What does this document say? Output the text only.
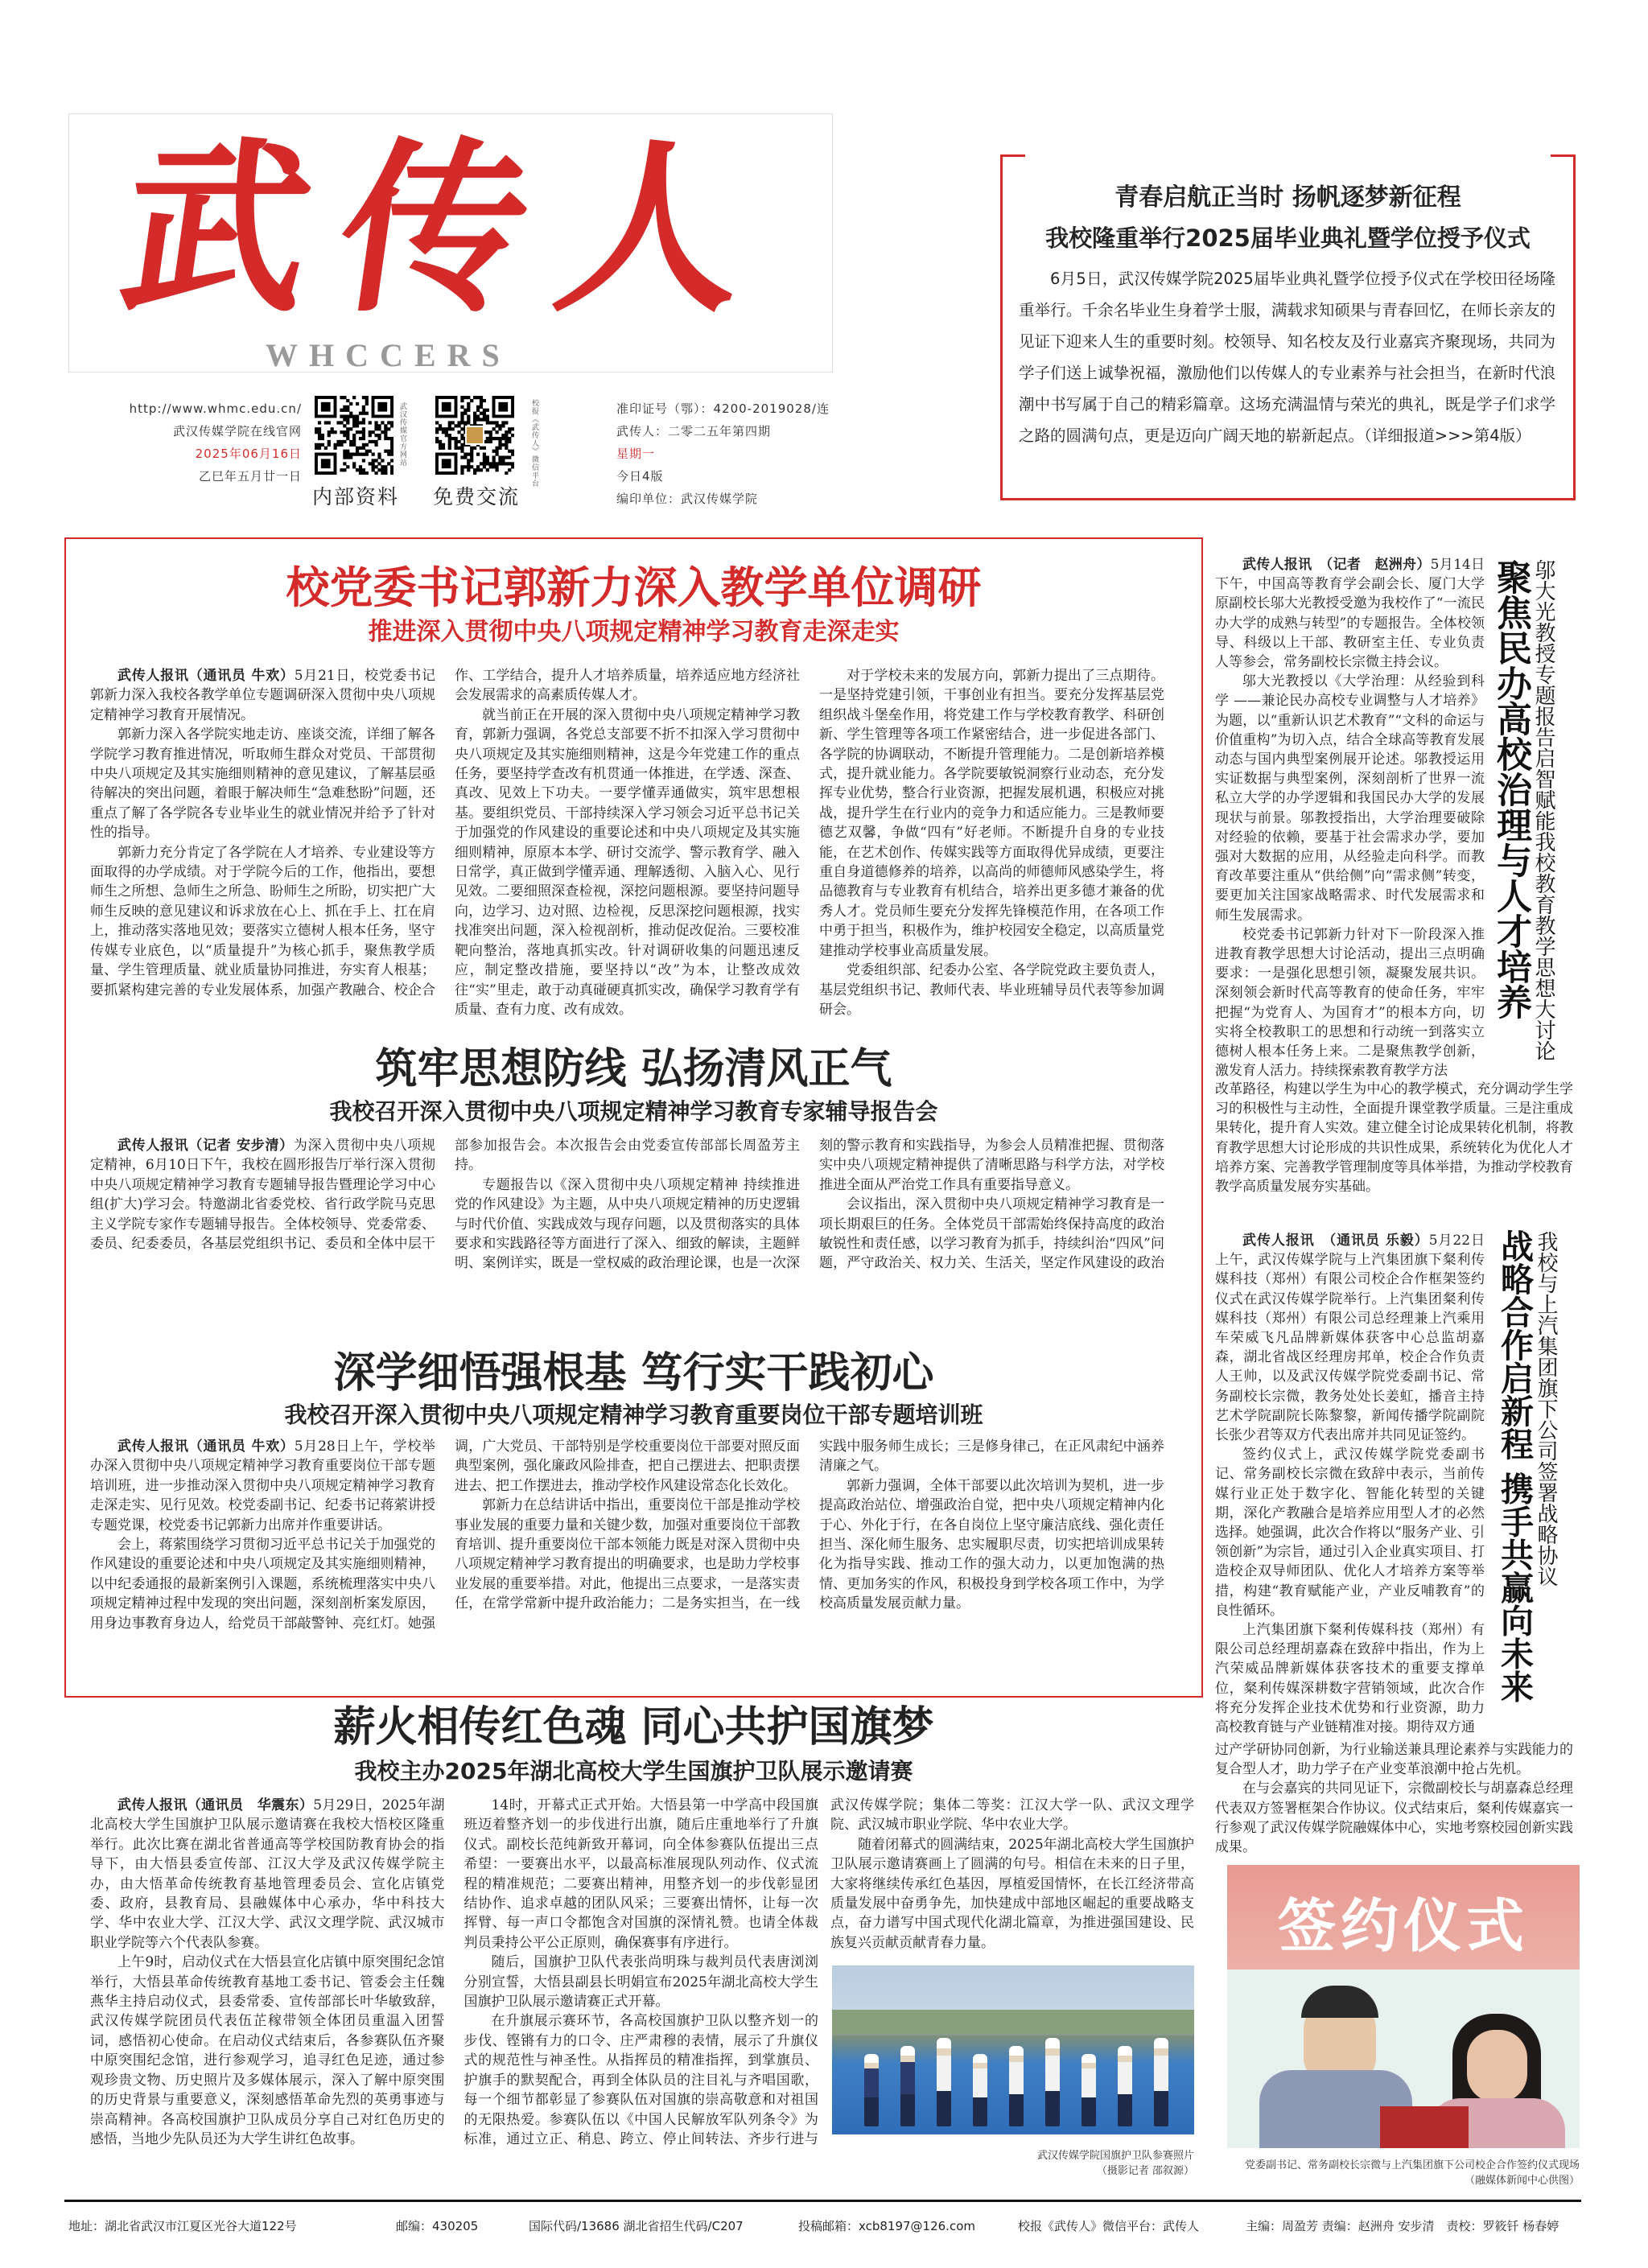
武传人
WHCCERS
http://www.whmc.edu.cn/
武汉传媒学院在线官网
2025年06月16日
乙巳年五月廿一日
武汉传媒官方网站
内部资料
校报《武传人》微信平台
免费交流
准印证号（鄂）：4200-2019028/连
武传人：二零二五年第四期
星期一
今日4版
编印单位：武汉传媒学院
青春启航正当时 扬帆逐梦新征程
我校隆重举行2025届毕业典礼暨学位授予仪式
6月5日，武汉传媒学院2025届毕业典礼暨学位授予仪式在学校田径场隆重举行。千余名毕业生身着学士服，满载求知硕果与青春回忆，在师长亲友的见证下迎来人生的重要时刻。校领导、知名校友及行业嘉宾齐聚现场，共同为学子们送上诚挚祝福，激励他们以传媒人的专业素养与社会担当，在新时代浪潮中书写属于自己的精彩篇章。这场充满温情与荣光的典礼，既是学子们求学之路的圆满句点，更是迈向广阔天地的崭新起点。（详细报道>>>第4版）
校党委书记郭新力深入教学单位调研
推进深入贯彻中央八项规定精神学习教育走深走实

武传人报讯（通讯员 牛欢）5月21日，校党委书记郭新力深入我校各教学单位专题调研深入贯彻中央八项规定精神学习教育开展情况。

郭新力深入各学院实地走访、座谈交流，详细了解各学院学习教育推进情况，听取师生群众对党员、干部贯彻中央八项规定及其实施细则精神的意见建议，了解基层亟待解决的突出问题，着眼于解决师生“急难愁盼”问题，还重点了解了各学院各专业毕业生的就业情况并给予了针对性的指导。

郭新力充分肯定了各学院在人才培养、专业建设等方面取得的办学成绩。对于学院今后的工作，他指出，要想师生之所想、急师生之所急、盼师生之所盼，切实把广大师生反映的意见建议和诉求放在心上、抓在手上、扛在肩上，推动落实落地见效；要落实立德树人根本任务，坚守传媒专业底色，以“质量提升”为核心抓手，聚焦教学质量、学生管理质量、就业质量协同推进，夯实育人根基；要抓紧构建完善的专业发展体系，加强产教融合、校企合作、工学结合，提升人才培养质量，培养适应地方经济社会发展需求的高素质传媒人才。

就当前正在开展的深入贯彻中央八项规定精神学习教育，郭新力强调，各党总支部要不折不扣深入学习贯彻中央八项规定及其实施细则精神，这是今年党建工作的重点任务，要坚持学查改有机贯通一体推进，在学透、深查、真改、见效上下功夫。一要学懂弄通做实，筑牢思想根基。要组织党员、干部持续深入学习领会习近平总书记关于加强党的作风建设的重要论述和中央八项规定及其实施细则精神，原原本本学、研讨交流学、警示教育学、融入日常学，真正做到学懂弄通、理解透彻、入脑入心、见行见效。二要细照深查检视，深挖问题根源。要坚持问题导向，边学习、边对照、边检视，反思深挖问题根源，找实找准突出问题，深入检视剖析，推动促改促治。三要校准靶向整治，落地真抓实改。针对调研收集的问题迅速反应，制定整改措施，要坚持以“改”为本，让整改成效往“实”里走，敢于动真碰硬真抓实改，确保学习教育学有质量、查有力度、改有成效。

对于学校未来的发展方向，郭新力提出了三点期待。一是坚持党建引领，干事创业有担当。要充分发挥基层党组织战斗堡垒作用，将党建工作与学校教育教学、科研创新、学生管理等各项工作紧密结合，进一步促进各部门、各学院的协调联动，不断提升管理能力。二是创新培养模式，提升就业能力。各学院要敏锐洞察行业动态，充分发挥专业优势，整合行业资源，把握发展机遇，积极应对挑战，提升学生在行业内的竞争力和适应能力。三是教师要德艺双馨，争做“四有”好老师。不断提升自身的专业技能，在艺术创作、传媒实践等方面取得优异成绩，更要注重自身道德修养的培养，以高尚的师德师风感染学生，将品德教育与专业教育有机结合，培养出更多德才兼备的优秀人才。党员师生要充分发挥先锋模范作用，在各项工作中勇于担当，积极作为，维护校园安全稳定，以高质量党建推动学校事业高质量发展。

党委组织部、纪委办公室、各学院党政主要负责人，基层党组织书记、教师代表、毕业班辅导员代表等参加调研会。

筑牢思想防线 弘扬清风正气
我校召开深入贯彻中央八项规定精神学习教育专家辅导报告会

武传人报讯（记者 安步清）为深入贯彻中央八项规定精神，6月10日下午，我校在圆形报告厅举行深入贯彻中央八项规定精神学习教育专题辅导报告暨理论学习中心组(扩大)学习会。特邀湖北省委党校、省行政学院马克思主义学院专家作专题辅导报告。全体校领导、党委常委、委员、纪委委员，各基层党组织书记、委员和全体中层干部参加报告会。本次报告会由党委宣传部部长周盈芳主持。

专题报告以《深入贯彻中央八项规定精神 持续推进党的作风建设》为主题，从中央八项规定精神的历史逻辑与时代价值、实践成效与现存问题，以及贯彻落实的具体要求和实践路径等方面进行了深入、细致的解读，主题鲜明、案例详实，既是一堂权威的政治理论课，也是一次深刻的警示教育和实践指导，为参会人员精准把握、贯彻落实中央八项规定精神提供了清晰思路与科学方法，对学校推进全面从严治党工作具有重要指导意义。

会议指出，深入贯彻中央八项规定精神学习教育是一项长期艰巨的任务。全体党员干部需始终保持高度的政治敏锐性和责任感，以学习教育为抓手，持续纠治“四风”问题，严守政治关、权力关、生活关，坚定作风建设的政治

深学细悟强根基 笃行实干践初心
我校召开深入贯彻中央八项规定精神学习教育重要岗位干部专题培训班

武传人报讯（通讯员 牛欢）5月28日上午，学校举办深入贯彻中央八项规定精神学习教育重要岗位干部专题培训班，进一步推动深入贯彻中央八项规定精神学习教育走深走实、见行见效。校党委副书记、纪委书记蒋萦讲授专题党课，校党委书记郭新力出席并作重要讲话。

会上，蒋萦围绕学习贯彻习近平总书记关于加强党的作风建设的重要论述和中央八项规定及其实施细则精神，以中纪委通报的最新案例引入课题，系统梳理落实中央八项规定精神过程中发现的突出问题，深刻剖析案发原因，用身边事教育身边人，给党员干部敲警钟、亮红灯。她强调，广大党员、干部特别是学校重要岗位干部要对照反面典型案例，强化廉政风险排查，把自己摆进去、把职责摆进去、把工作摆进去，推动学校作风建设常态化长效化。

郭新力在总结讲话中指出，重要岗位干部是推动学校事业发展的重要力量和关键少数，加强对重要岗位干部教育培训、提升重要岗位干部本领能力既是对深入贯彻中央八项规定精神学习教育提出的明确要求，也是助力学校事业发展的重要举措。对此，他提出三点要求，一是落实责任，在常学常新中提升政治能力；二是务实担当，在一线实践中服务师生成长；三是修身律己，在正风肃纪中涵养清廉之气。

郭新力强调，全体干部要以此次培训为契机，进一步提高政治站位、增强政治自觉，把中央八项规定精神内化于心、外化于行，在各自岗位上坚守廉洁底线、强化责任担当、深化师生服务、忠实履职尽责，切实把培训成果转化为指导实践、推动工作的强大动力，以更加饱满的热情、更加务实的作风，积极投身到学校各项工作中，为学校高质量发展贡献力量。

武传人报讯　（记者　赵洲舟）5月14日下午，中国高等教育学会副会长、厦门大学原副校长邬大光教授受邀为我校作了“一流民办大学的成熟与转型”的专题报告。全体校领导、科级以上干部、教研室主任、专业负责人等参会，常务副校长宗微主持会议。

邬大光教授以《大学治理：从经验到科学 ——兼论民办高校专业调整与人才培养》为题，以“重新认识艺术教育”“文科的命运与价值重构”为切入点，结合全球高等教育发展动态与国内典型案例展开论述。邬教授运用实证数据与典型案例，深刻剖析了世界一流私立大学的办学逻辑和我国民办大学的发展现状与前景。邬教授指出，大学治理要破除对经验的依赖，要基于社会需求办学，要加强对大数据的应用，从经验走向科学。而教育改革要注重从“供给侧”向“需求侧”转变，要更加关注国家战略需求、时代发展需求和师生发展需求。

校党委书记郭新力针对下一阶段深入推进教育教学思想大讨论活动，提出三点明确要求：一是强化思想引领，凝聚发展共识。深刻领会新时代高等教育的使命任务，牢牢把握“为党育人、为国育才”的根本方向，切实将全校教职工的思想和行动统一到落实立德树人根本任务上来。二是聚焦教学创新，激发育人活力。持续探索教育教学方法

改革路径，构建以学生为中心的教学模式，充分调动学生学习的积极性与主动性，全面提升课堂教学质量。三是注重成果转化，提升育人实效。建立健全讨论成果转化机制，将教育教学思想大讨论形成的共识性成果，系统转化为优化人才培养方案、完善教学管理制度等具体举措，为推动学校教育教学高质量发展夯实基础。
聚焦民办高校治理与人才培养 邬大光教授专题报告启智赋能我校教育教学思想大讨论

武传人报讯　（通讯员 乐毅）5月22日上午，武汉传媒学院与上汽集团旗下粲利传媒科技（郑州）有限公司校企合作框架签约仪式在武汉传媒学院举行。上汽集团粲利传媒科技（郑州）有限公司总经理兼上汽乘用车荣威飞凡品牌新媒体获客中心总监胡嘉森，湖北省战区经理房邦单，校企合作负责人王帅，以及武汉传媒学院党委副书记、常务副校长宗微，教务处处长姜虹，播音主持艺术学院副院长陈黎黎，新闻传播学院副院长张少君等双方代表出席并共同见证签约。

签约仪式上，武汉传媒学院党委副书记、常务副校长宗微在致辞中表示，当前传媒行业正处于数字化、智能化转型的关键期，深化产教融合是培养应用型人才的必然选择。她强调，此次合作将以“服务产业、引领创新”为宗旨，通过引入企业真实项目、打造校企双导师团队、优化人才培养方案等举措，构建“教育赋能产业，产业反哺教育”的良性循环。

上汽集团旗下粲利传媒科技（郑州）有限公司总经理胡嘉森在致辞中指出，作为上汽荣威品牌新媒体获客技术的重要支撑单位，粲利传媒深耕数字营销领域，此次合作将充分发挥企业技术优势和行业资源，助力高校教育链与产业链精准对接。期待双方通

过产学研协同创新，为行业输送兼具理论素养与实践能力的复合型人才，助力学子在产业变革浪潮中抢占先机。

在与会嘉宾的共同见证下，宗微副校长与胡嘉森总经理代表双方签署框架合作协议。仪式结束后，粲利传媒嘉宾一行参观了武汉传媒学院融媒体中心，实地考察校园创新实践成果。

战略合作启新程 携手共赢向未来 我校与上汽集团旗下公司签署战略协议
签约仪式
党委副书记、常务副校长宗微与上汽集团旗下公司校企合作签约仪式现场
（融媒体新闻中心供图）
薪火相传红色魂 同心共护国旗梦
我校主办2025年湖北高校大学生国旗护卫队展示邀请赛

武传人报讯（通讯员　华震东）5月29日，2025年湖北高校大学生国旗护卫队展示邀请赛在我校大悟校区隆重举行。此次比赛在湖北省普通高等学校国防教育协会的指导下，由大悟县委宣传部、江汉大学及武汉传媒学院主办，由大悟革命传统教育基地管理委员会、宣化店镇党委、政府，县教育局、县融媒体中心承办，华中科技大学、华中农业大学、江汉大学、武汉文理学院、武汉城市职业学院等六个代表队参赛。

上午9时，启动仪式在大悟县宣化店镇中原突围纪念馆举行，大悟县革命传统教育基地工委书记、管委会主任魏燕华主持启动仪式，县委常委、宣传部部长叶华敏致辞，武汉传媒学院团员代表伍芷稼带领全体团员重温入团誓词，感悟初心使命。在启动仪式结束后，各参赛队伍齐聚中原突围纪念馆，进行参观学习，追寻红色足迹，通过参观珍贵文物、历史照片及多媒体展示，深入了解中原突围的历史背景与重要意义，深刻感悟革命先烈的英勇事迹与崇高精神。各高校国旗护卫队成员分享自己对红色历史的感悟，当地少先队员还为大学生讲红色故事。

14时，开幕式正式开始。大悟县第一中学高中段国旗班迈着整齐划一的步伐进行出旗，随后庄重地举行了升旗仪式。副校长范纯新致开幕词，向全体参赛队伍提出三点希望：一要赛出水平，以最高标准展现队列动作、仪式流程的精准规范；二要赛出精神，用整齐划一的步伐彰显团结协作、追求卓越的团队风采；三要赛出情怀，让每一次挥臂、每一声口令都饱含对国旗的深情礼赞。也请全体裁判员秉持公平公正原则，确保赛事有序进行。

随后，国旗护卫队代表张尚明珠与裁判员代表唐浏浏分别宣誓，大悟县副县长明娟宣布2025年湖北高校大学生国旗护卫队展示邀请赛正式开幕。

在升旗展示赛环节，各高校国旗护卫队以整齐划一的步伐、铿锵有力的口令、庄严肃穆的表情，展示了升旗仪式的规范性与神圣性。从指挥员的精准指挥，到掌旗员、护旗手的默契配合，再到全体队员的注目礼与齐唱国歌，每一个细节都彰显了参赛队伍对国旗的崇高敬意和对祖国的无限热爱。参赛队伍以《中国人民解放军队列条令》为标准，通过立正、稍息、跨立、停止间转法、齐步行进与

武汉传媒学院；集体二等奖：江汉大学一队、武汉文理学院、武汉城市职业学院、华中农业大学。

随着闭幕式的圆满结束，2025年湖北高校大学生国旗护卫队展示邀请赛画上了圆满的句号。相信在未来的日子里，大家将继续传承红色基因，厚植爱国情怀，在长江经济带高质量发展中奋勇争先，加快建成中部地区崛起的重要战略支点，奋力谱写中国式现代化湖北篇章，为推进强国建设、民族复兴贡献贡献青春力量。

武汉传媒学院国旗护卫队参赛照片
（摄影记者 邵叙源）
地址：湖北省武汉市江夏区光谷大道122号	邮编：430205	国际代码/13686 湖北省招生代码/C207	投稿邮箱：xcb8197@126.com	校报《武传人》微信平台：武传人	主编：周盈芳 责编：赵洲舟 安步清　责校：罗筱钎 杨春婷
